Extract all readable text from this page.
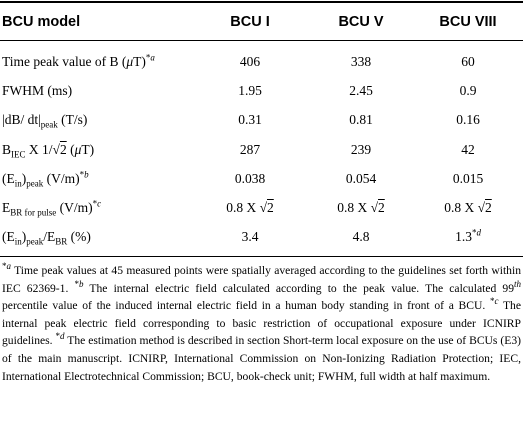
BCU model	BCU I	BCU V	BCU VIII
Time peak value of B $(\mu T)^{*a}$	406	338	60
FWHM (ms)	1.95	2.45	0.9
|dB/ $dt|_{peak}$ (T/s)	0.31	0.81	0.16
$B_{IEC}$ X 1/√2 (μT)	287	239	42
$(E_{in})_{peak}$ $(V/m)^{*b}$	0.038	0.054	0.015
$E_{BR for pulse}$ $(V/m)^{*c}$	0.8 X √2	0.8 X √2	0.8 X √2
$(E_{in})_{peak}/E_{BR}$ (%)	3.4	4.8	1.3$^{*d}$

$^{*a}$ Time peak values at 45 measured points were spatially averaged according to the guidelines set forth within IEC 62369-1. $^{*b}$ The internal electric field calculated according to the peak value. The calculated 99th percentile value of the induced internal electric field in a human body standing in front of a BCU. $^{*c}$ The internal peak electric field corresponding to basic restriction of occupational exposure under ICNIRP guidelines. $^{*d}$ The estimation method is described in section Short-term local exposure on the use of BCUs (E3) of the main manuscript. ICNIRP, International Commission on Non-Ionizing Radiation Protection; IEC, International Electrotechnical Commission; BCU, book-check unit; FWHM, full width at half maximum.
